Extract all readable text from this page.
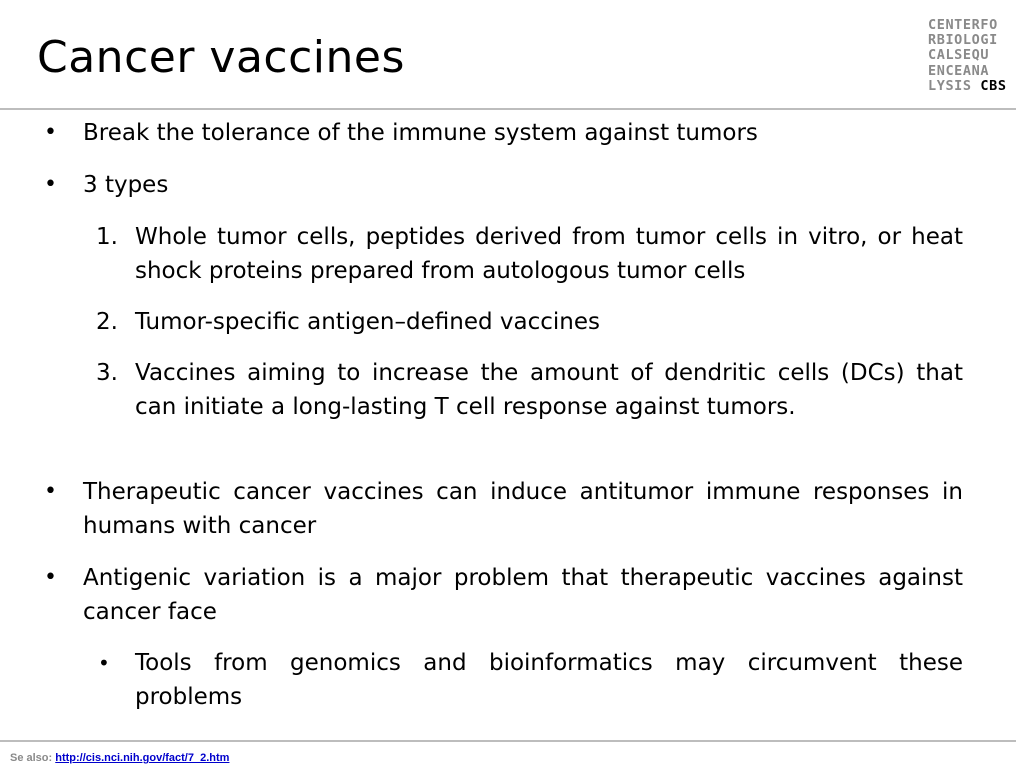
Cancer vaccines
CENTERFO
RBIOLOGI
CALSEQU
ENCEANA
LYSIS CBS
• Break the tolerance of the immune system against tumors
• 3 types
1. Whole tumor cells, peptides derived from tumor cells in vitro, or heat shock proteins prepared from autologous tumor cells
2. Tumor-specific antigen–defined vaccines
3. Vaccines aiming to increase the amount of dendritic cells (DCs) that can initiate a long-lasting T cell response against tumors.
• Therapeutic cancer vaccines can induce antitumor immune responses in humans with cancer
• Antigenic variation is a major problem that therapeutic vaccines against cancer face
• Tools from genomics and bioinformatics may circumvent these problems
Se also: http://cis.nci.nih.gov/fact/7_2.htm
